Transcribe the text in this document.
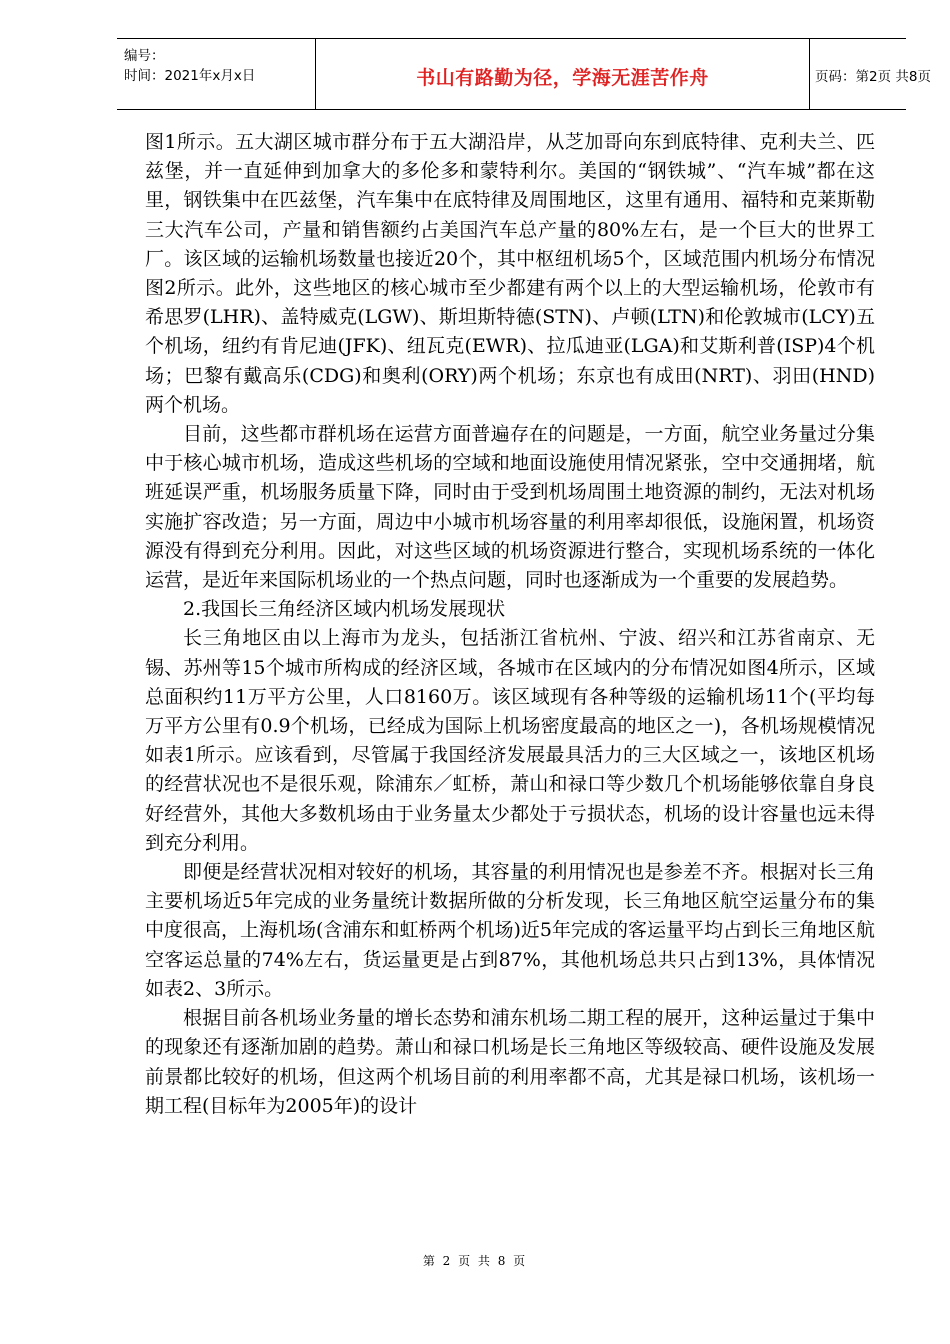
编号：
时间：2021年x月x日	书山有路勤为径，学海无涯苦作舟	页码：第2页 共8页

图1所示。五大湖区城市群分布于五大湖沿岸，从芝加哥向东到底特律、克利夫兰、匹兹堡，并一直延伸到加拿大的多伦多和蒙特利尔。美国的“钢铁城”、“汽车城”都在这里，钢铁集中在匹兹堡，汽车集中在底特律及周围地区，这里有通用、福特和克莱斯勒三大汽车公司，产量和销售额约占美国汽车总产量的80%左右，是一个巨大的世界工厂。该区域的运输机场数量也接近20个，其中枢纽机场5个，区域范围内机场分布情况图2所示。此外，这些地区的核心城市至少都建有两个以上的大型运输机场，伦敦市有希思罗(LHR)、盖特威克(LGW)、斯坦斯特德(STN)、卢顿(LTN)和伦敦城市(LCY)五个机场，纽约有肯尼迪(JFK)、纽瓦克(EWR)、拉瓜迪亚(LGA)和艾斯利普(ISP)4个机场；巴黎有戴高乐(CDG)和奥利(ORY)两个机场；东京也有成田(NRT)、羽田(HND)两个机场。

目前，这些都市群机场在运营方面普遍存在的问题是，一方面，航空业务量过分集中于核心城市机场，造成这些机场的空域和地面设施使用情况紧张，空中交通拥堵，航班延误严重，机场服务质量下降，同时由于受到机场周围土地资源的制约，无法对机场实施扩容改造；另一方面，周边中小城市机场容量的利用率却很低，设施闲置，机场资源没有得到充分利用。因此，对这些区域的机场资源进行整合，实现机场系统的一体化运营，是近年来国际机场业的一个热点问题，同时也逐渐成为一个重要的发展趋势。

2.我国长三角经济区域内机场发展现状

长三角地区由以上海市为龙头，包括浙江省杭州、宁波、绍兴和江苏省南京、无锡、苏州等15个城市所构成的经济区域，各城市在区域内的分布情况如图4所示，区域总面积约11万平方公里，人口8160万。该区域现有各种等级的运输机场11个(平均每万平方公里有0.9个机场，已经成为国际上机场密度最高的地区之一)，各机场规模情况如表1所示。应该看到，尽管属于我国经济发展最具活力的三大区域之一，该地区机场的经营状况也不是很乐观，除浦东／虹桥，萧山和禄口等少数几个机场能够依靠自身良好经营外，其他大多数机场由于业务量太少都处于亏损状态，机场的设计容量也远未得到充分利用。

即便是经营状况相对较好的机场，其容量的利用情况也是参差不齐。根据对长三角主要机场近5年完成的业务量统计数据所做的分析发现，长三角地区航空运量分布的集中度很高，上海机场(含浦东和虹桥两个机场)近5年完成的客运量平均占到长三角地区航空客运总量的74%左右，货运量更是占到87%，其他机场总共只占到13%，具体情况如表2、3所示。

根据目前各机场业务量的增长态势和浦东机场二期工程的展开，这种运量过于集中的现象还有逐渐加剧的趋势。萧山和禄口机场是长三角地区等级较高、硬件设施及发展前景都比较好的机场，但这两个机场目前的利用率都不高，尤其是禄口机场，该机场一期工程(目标年为2005年)的设计

第 2 页 共 8 页
